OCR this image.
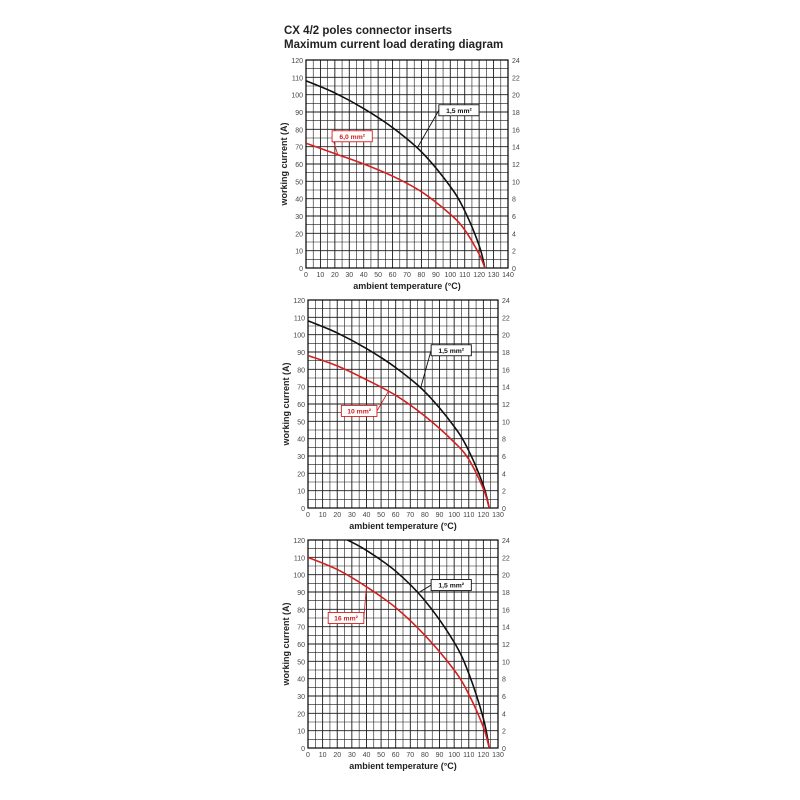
CX 4/2 poles connector inserts
Maximum current load derating diagram
0
10
20
30
40
50
60
70
80
90
100
110
120
0
2
4
6
8
10
12
14
16
18
20
22
24
0 10 20 30 40 50 60 70 80 90 100 110 120 130 140
ambient temperature (°C)
working current (A)
1,5 mm²
6,0 mm²
0
10
20
30
40
50
60
70
80
90
100
110
120
0
2
4
6
8
10
12
14
16
18
20
22
24
0 10 20 30 40 50 60 70 80 90 100 110 120 130
ambient temperature (°C)
working current (A)
1,5 mm²
10 mm²
0
10
20
30
40
50
60
70
80
90
100
110
120
0
2
4
6
8
10
12
14
16
18
20
22
24
0 10 20 30 40 50 60 70 80 90 100 110 120 130
ambient temperature (°C)
working current (A)
1,5 mm²
16 mm²
